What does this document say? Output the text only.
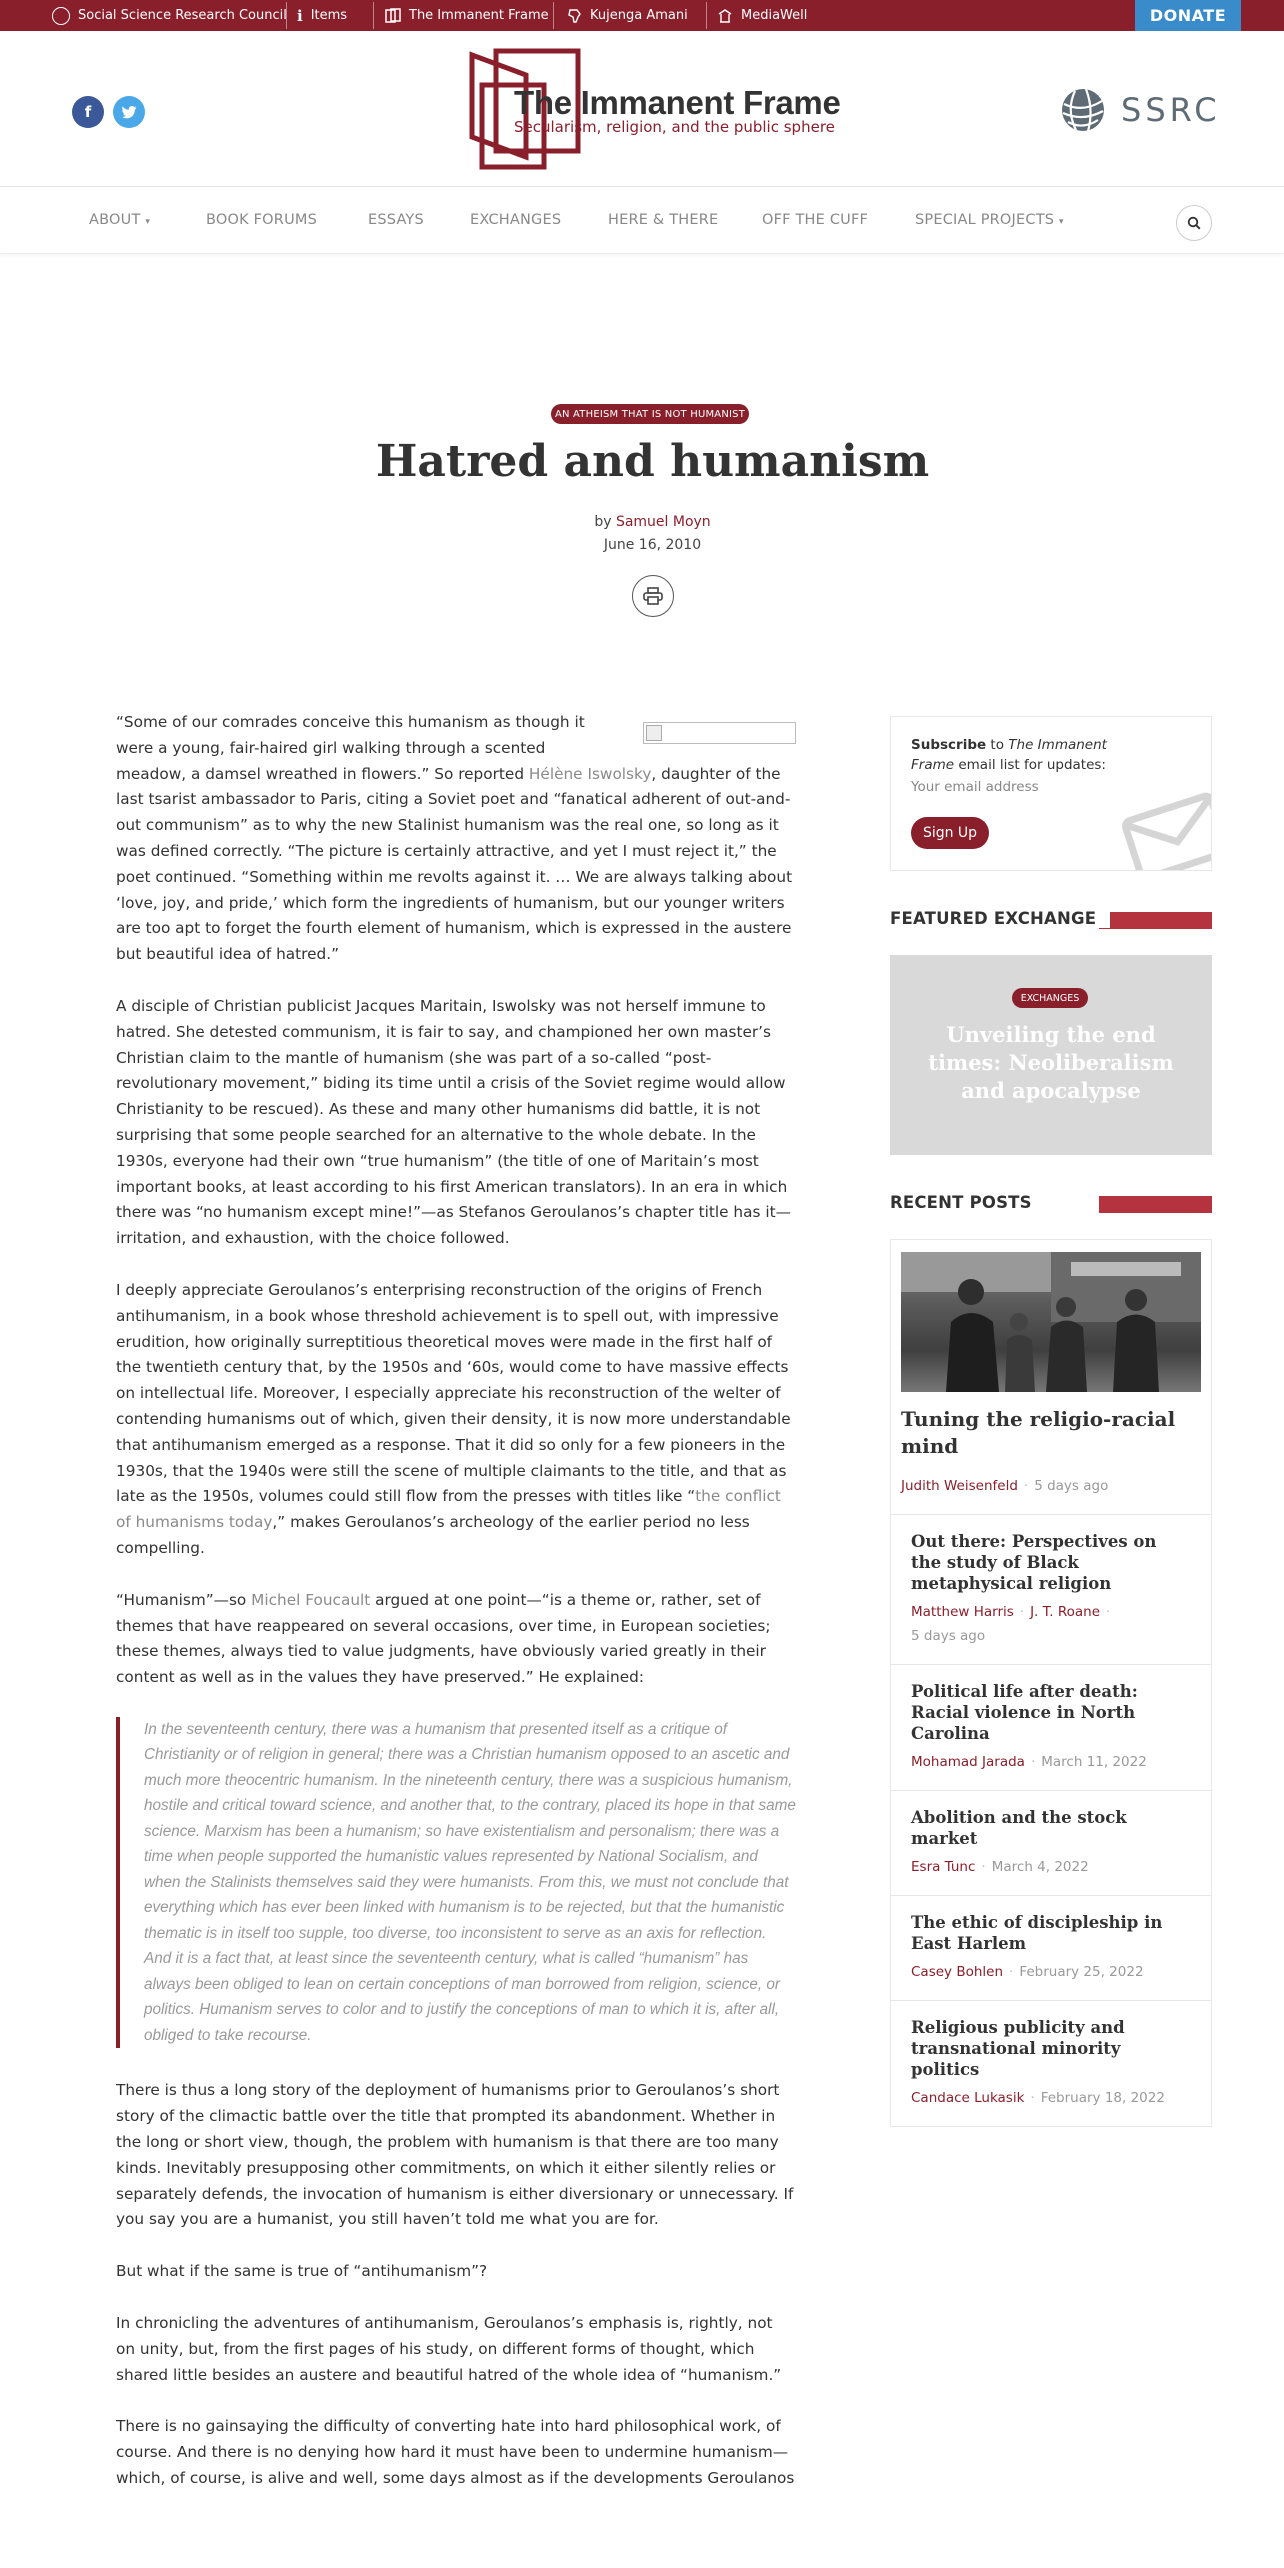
Social Science Research Council i Items	The Immanent Frame	Kujenga Amani	MediaWell	DONATE
f	The Immanent Frame
Secularism, religion, and the public sphere	SSRC
ABOUT ▾	BOOK FORUMS	ESSAYS	EXCHANGES	HERE & THERE	OFF THE CUFF	SPECIAL PROJECTS ▾
AN ATHEISM THAT IS NOT HUMANIST
Hatred and humanism
by Samuel Moyn
June 16, 2010

“Some of our comrades conceive this humanism as though it were a young, fair-haired girl walking through a scented meadow, a damsel wreathed in flowers.” So reported Hélène Iswolsky, daughter of the last tsarist ambassador to Paris, citing a Soviet poet and “fanatical adherent of out-and-out communism” as to why the new Stalinist humanism was the real one, so long as it was defined correctly. “The picture is certainly attractive, and yet I must reject it,” the poet continued. “Something within me revolts against it. … We are always talking about ‘love, joy, and pride,’ which form the ingredients of humanism, but our younger writers are too apt to forget the fourth element of humanism, which is expressed in the austere but beautiful idea of hatred.”

A disciple of Christian publicist Jacques Maritain, Iswolsky was not herself immune to hatred. She detested communism, it is fair to say, and championed her own master’s Christian claim to the mantle of humanism (she was part of a so-called “post-revolutionary movement,” biding its time until a crisis of the Soviet regime would allow Christianity to be rescued). As these and many other humanisms did battle, it is not surprising that some people searched for an alternative to the whole debate. In the 1930s, everyone had their own “true humanism” (the title of one of Maritain’s most important books, at least according to his first American translators). In an era in which there was “no humanism except mine!”—as Stefanos Geroulanos’s chapter title has it—irritation, and exhaustion, with the choice followed.

I deeply appreciate Geroulanos’s enterprising reconstruction of the origins of French antihumanism, in a book whose threshold achievement is to spell out, with impressive erudition, how originally surreptitious theoretical moves were made in the first half of the twentieth century that, by the 1950s and ‘60s, would come to have massive effects on intellectual life. Moreover, I especially appreciate his reconstruction of the welter of contending humanisms out of which, given their density, it is now more understandable that antihumanism emerged as a response. That it did so only for a few pioneers in the 1930s, that the 1940s were still the scene of multiple claimants to the title, and that as late as the 1950s, volumes could still flow from the presses with titles like “the conflict of humanisms today,” makes Geroulanos’s archeology of the earlier period no less compelling.

“Humanism”—so Michel Foucault argued at one point—“is a theme or, rather, set of themes that have reappeared on several occasions, over time, in European societies; these themes, always tied to value judgments, have obviously varied greatly in their content as well as in the values they have preserved.” He explained:

In the seventeenth century, there was a humanism that presented itself as a critique of Christianity or of religion in general; there was a Christian humanism opposed to an ascetic and much more theocentric humanism. In the nineteenth century, there was a suspicious humanism, hostile and critical toward science, and another that, to the contrary, placed its hope in that same science. Marxism has been a humanism; so have existentialism and personalism; there was a time when people supported the humanistic values represented by National Socialism, and when the Stalinists themselves said they were humanists. From this, we must not conclude that everything which has ever been linked with humanism is to be rejected, but that the humanistic thematic is in itself too supple, too diverse, too inconsistent to serve as an axis for reflection. And it is a fact that, at least since the seventeenth century, what is called “humanism” has always been obliged to lean on certain conceptions of man borrowed from religion, science, or politics. Humanism serves to color and to justify the conceptions of man to which it is, after all, obliged to take recourse.

There is thus a long story of the deployment of humanisms prior to Geroulanos’s short story of the climactic battle over the title that prompted its abandonment. Whether in the long or short view, though, the problem with humanism is that there are too many kinds. Inevitably presupposing other commitments, on which it either silently relies or separately defends, the invocation of humanism is either diversionary or unnecessary. If you say you are a humanist, you still haven’t told me what you are for.

But what if the same is true of “antihumanism”?

In chronicling the adventures of antihumanism, Geroulanos’s emphasis is, rightly, not on unity, but, from the first pages of his study, on different forms of thought, which shared little besides an austere and beautiful hatred of the whole idea of “humanism.”

There is no gainsaying the difficulty of converting hate into hard philosophical work, of course. And there is no denying how hard it must have been to undermine humanism—which, of course, is alive and well, some days almost as if the developments Geroulanos

Subscribe to The Immanent Frame email list for updates:
Your email address
Sign Up
FEATURED EXCHANGE
EXCHANGES
Unveiling the end times: Neoliberalism and apocalypse
RECENT POSTS
Tuning the religio-racial mind
Judith Weisenfeld · 5 days ago
Out there: Perspectives on the study of Black metaphysical religion
Matthew Harris · J. T. Roane ·
5 days ago
Political life after death: Racial violence in North Carolina
Mohamad Jarada · March 11, 2022
Abolition and the stock market
Esra Tunc · March 4, 2022
The ethic of discipleship in East Harlem
Casey Bohlen · February 25, 2022
Religious publicity and transnational minority politics
Candace Lukasik · February 18, 2022
